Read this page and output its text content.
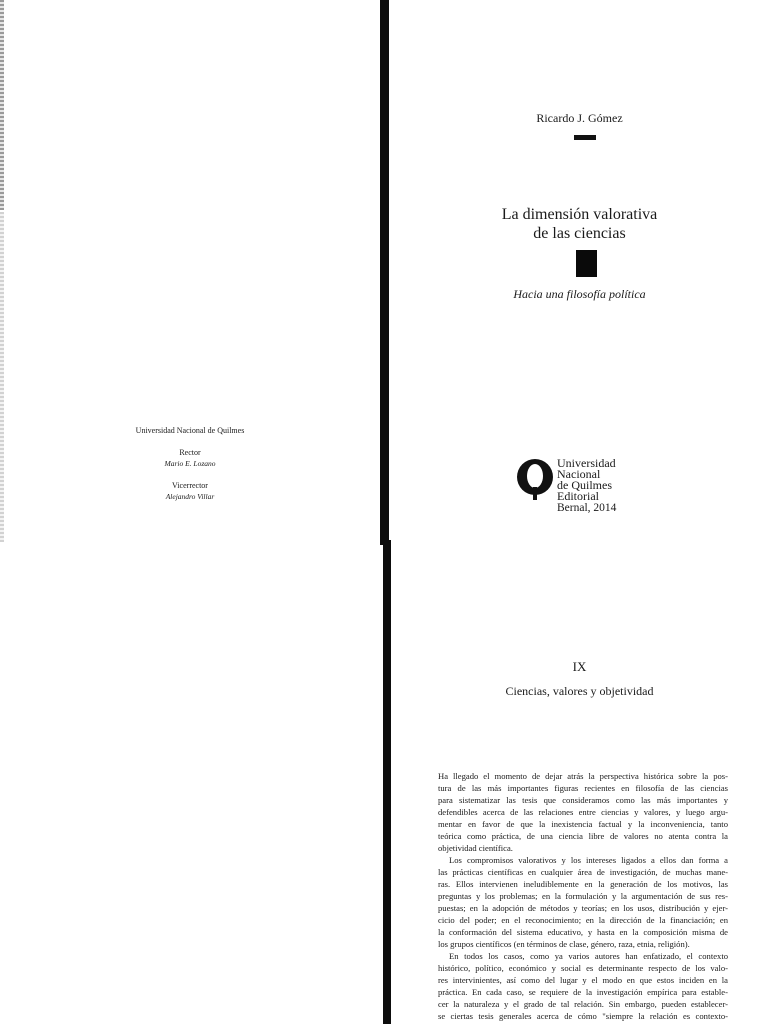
Universidad Nacional de Quilmes
Rector
Mario E. Lozano
Vicerrector
Alejandro Villar
Ricardo J. Gómez
La dimensión valorativa
de las ciencias
Hacia una filosofía política
Universidad
Nacional
de Quilmes
Editorial
Bernal, 2014
IX
Ciencias, valores y objetividad
Ha llegado el momento de dejar atrás la perspectiva histórica sobre la pos-
tura de las más importantes figuras recientes en filosofía de las ciencias
para sistematizar las tesis que consideramos como las más importantes y
defendibles acerca de las relaciones entre ciencias y valores, y luego argu-
mentar en favor de que la inexistencia factual y la inconveniencia, tanto
teórica como práctica, de una ciencia libre de valores no atenta contra la
objetividad científica.
Los compromisos valorativos y los intereses ligados a ellos dan forma a
las prácticas científicas en cualquier área de investigación, de muchas mane-
ras. Ellos intervienen ineludiblemente en la generación de los motivos, las
preguntas y los problemas; en la formulación y la argumentación de sus res-
puestas; en la adopción de métodos y teorías; en los usos, distribución y ejer-
cicio del poder; en el reconocimiento; en la dirección de la financiación; en
la conformación del sistema educativo, y hasta en la composición misma de
los grupos científicos (en términos de clase, género, raza, etnia, religión).
En todos los casos, como ya varios autores han enfatizado, el contexto
histórico, político, económico y social es determinante respecto de los valo-
res intervinientes, así como del lugar y el modo en que estos inciden en la
práctica. En cada caso, se requiere de la investigación empírica para estable-
cer la naturaleza y el grado de tal relación. Sin embargo, pueden establecer-
se ciertas tesis generales acerca de cómo "siempre la relación es contexto-
